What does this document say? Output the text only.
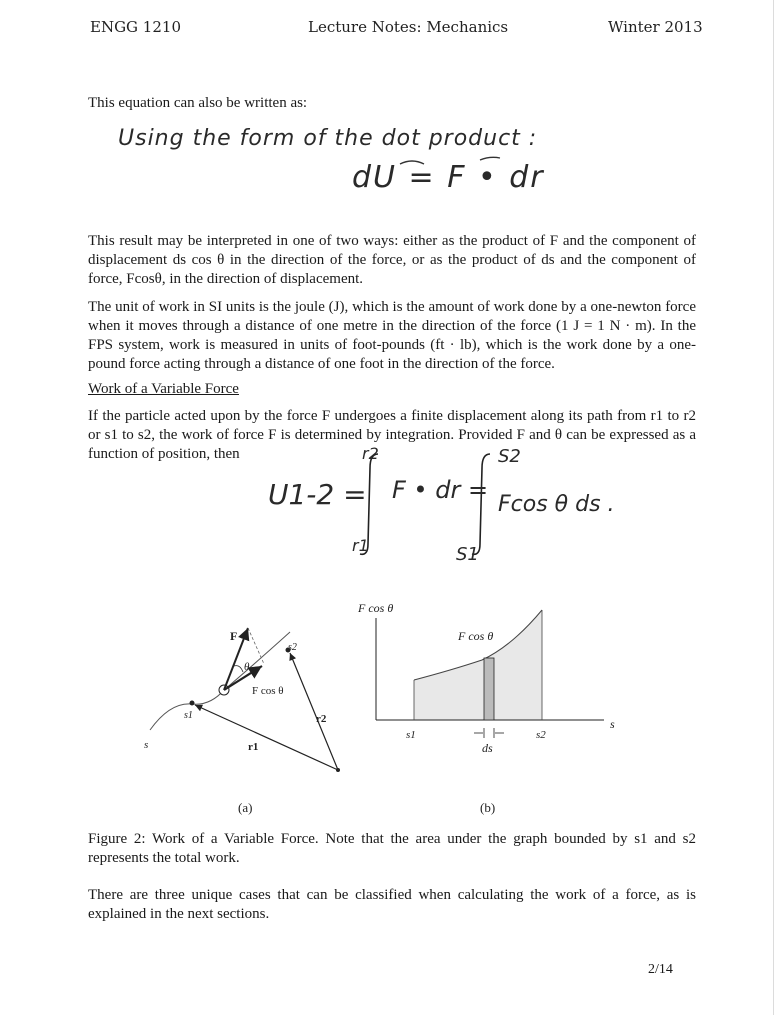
ENGG 1210	Lecture Notes: Mechanics	Winter 2013
This equation can also be written as:
Using the form of the dot product :
dU = F • dr
This result may be interpreted in one of two ways: either as the product of F and the component of displacement ds cos θ in the direction of the force, or as the product of ds and the component of force, Fcosθ, in the direction of displacement.
The unit of work in SI units is the joule (J), which is the amount of work done by a one-newton force when it moves through a distance of one metre in the direction of the force (1 J = 1 N · m). In the FPS system, work is measured in units of foot-pounds (ft · lb), which is the work done by a one-pound force acting through a distance of one foot in the direction of the force.
Work of a Variable Force
If the particle acted upon by the force F undergoes a finite displacement along its path from r1 to r2 or s1 to s2, the work of force F is determined by integration. Provided F and θ can be expressed as a function of position, then
U1-2 =
r2
r1
F • dr =
S2
S1
Fcos θ ds .
F
θ
F cos θ
s
s1
s2
r1
r2
(a)
F cos θ
F cos θ
s
s1	s2
ds
(b)
Figure 2: Work of a Variable Force. Note that the area under the graph bounded by s1 and s2 represents the total work.
There are three unique cases that can be classified when calculating the work of a force, as is explained in the next sections.
2/14
